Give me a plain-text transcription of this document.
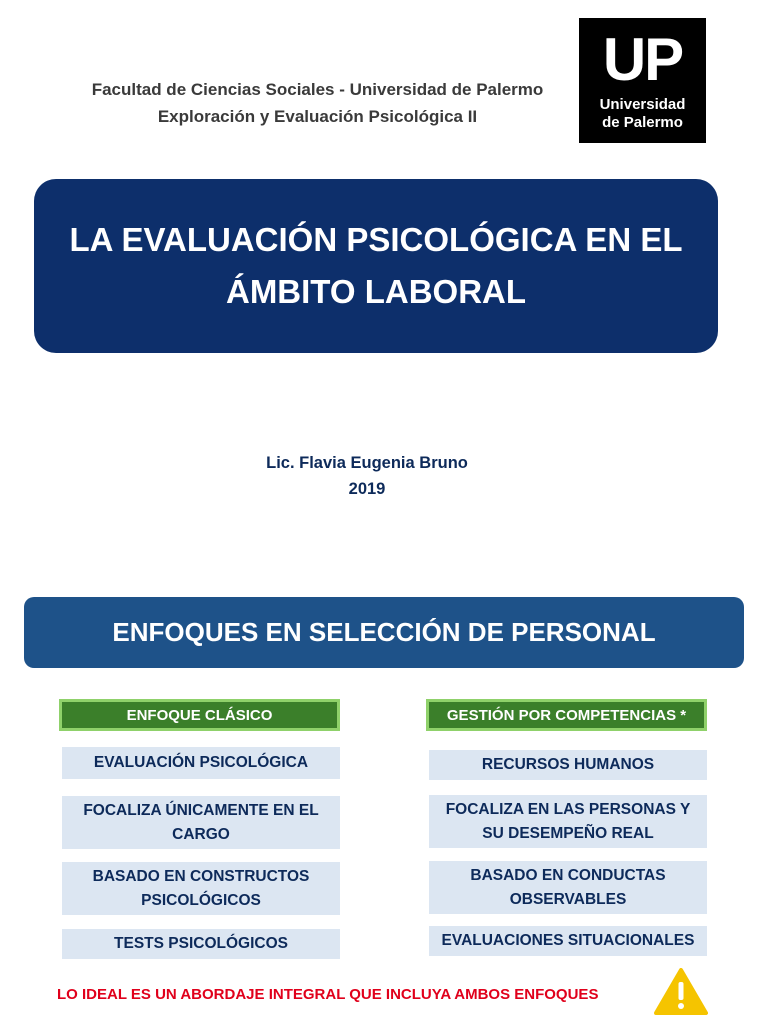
Facultad de Ciencias Sociales - Universidad de Palermo
Exploración y Evaluación Psicológica II
UP
Universidad
de Palermo
LA EVALUACIÓN PSICOLÓGICA EN EL
ÁMBITO LABORAL
Lic. Flavia Eugenia Bruno
2019
ENFOQUES EN SELECCIÓN DE PERSONAL
ENFOQUE CLÁSICO
EVALUACIÓN PSICOLÓGICA
FOCALIZA ÚNICAMENTE EN EL
CARGO
BASADO EN CONSTRUCTOS
PSICOLÓGICOS
TESTS PSICOLÓGICOS
GESTIÓN POR COMPETENCIAS *
RECURSOS HUMANOS
FOCALIZA EN LAS PERSONAS Y
SU DESEMPEÑO REAL
BASADO EN CONDUCTAS
OBSERVABLES
EVALUACIONES SITUACIONALES
LO IDEAL ES UN ABORDAJE INTEGRAL QUE INCLUYA AMBOS ENFOQUES
